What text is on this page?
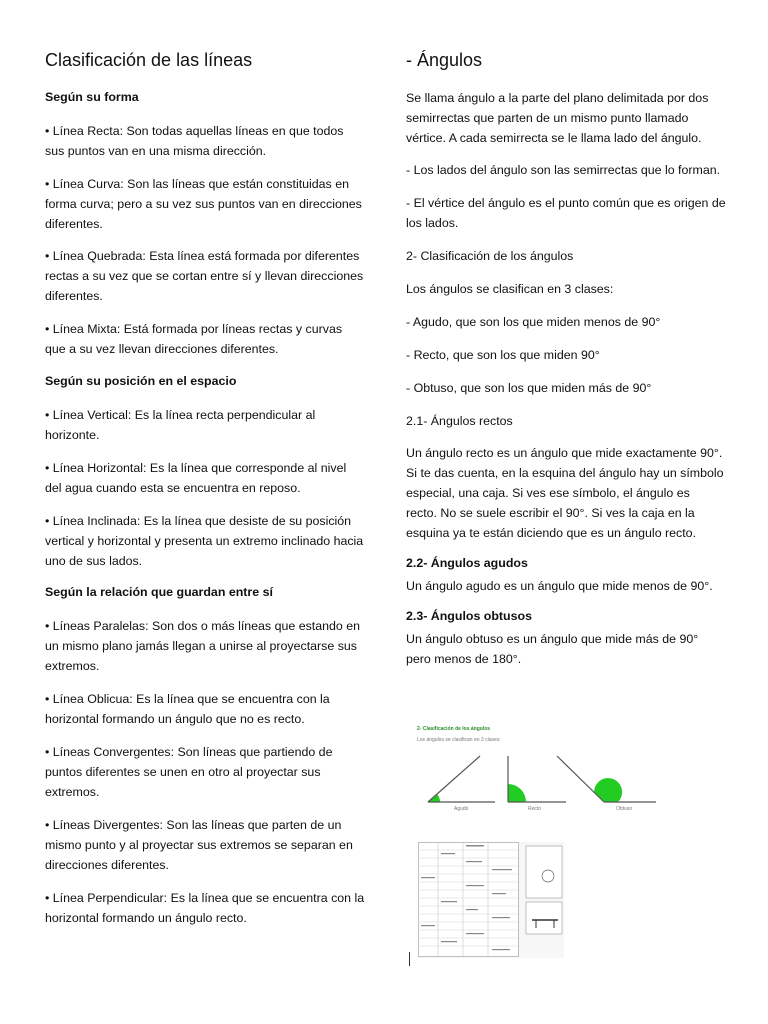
Clasificación de las líneas
Según su forma
• Línea Recta: Son todas aquellas líneas en que todos sus puntos van en una misma dirección.
• Línea Curva: Son las líneas que están constituidas en forma curva; pero a su vez sus puntos van en direcciones diferentes.
• Línea Quebrada: Esta línea está formada por diferentes rectas a su vez que se cortan entre sí y llevan direcciones diferentes.
• Línea Mixta: Está formada por líneas rectas y curvas que a su vez llevan direcciones diferentes.
Según su posición en el espacio
• Línea Vertical: Es la línea recta perpendicular al horizonte.
• Línea Horizontal: Es la línea que corresponde al nivel del agua cuando esta se encuentra en reposo.
• Línea Inclinada: Es la línea que desiste de su posición vertical y horizontal y presenta un extremo inclinado hacia uno de sus lados.
Según la relación que guardan entre sí
• Líneas Paralelas: Son dos o más líneas que estando en un mismo plano jamás llegan a unirse al proyectarse sus extremos.
• Línea Oblicua: Es la línea que se encuentra con la horizontal formando un ángulo que no es recto.
• Líneas Convergentes: Son líneas que partiendo de puntos diferentes se unen en otro al proyectar sus extremos.
• Líneas Divergentes: Son las líneas que parten de un mismo punto y al proyectar sus extremos se separan en direcciones diferentes.
• Línea Perpendicular: Es la línea que se encuentra con la horizontal formando un ángulo recto.
- Ángulos
Se llama ángulo a la parte del plano delimitada por dos semirrectas que parten de un mismo punto llamado vértice. A cada semirrecta se le llama lado del ángulo.
- Los lados del ángulo son las semirrectas que lo forman.
- El vértice del ángulo es el punto común que es origen de los lados.
2- Clasificación de los ángulos
Los ángulos se clasifican en 3 clases:
- Agudo, que son los que miden menos de 90°
- Recto, que son los que miden 90°
- Obtuso, que son los que miden más de 90°
2.1- Ángulos rectos
Un ángulo recto es un ángulo que mide exactamente 90°. Si te das cuenta, en la esquina del ángulo hay un símbolo especial, una caja. Si ves ese símbolo, el ángulo es recto. No se suele escribir el 90°. Si ves la caja en la esquina ya te están diciendo que es un ángulo recto.
2.2- Ángulos agudos
Un ángulo agudo es un ángulo que mide menos de 90°.
2.3- Ángulos obtusos
Un ángulo obtuso es un ángulo que mide más de 90° pero menos de 180°.
2- Clasificación de los ángulos
Los ángulos se clasifican en 3 clases:
Agudo	Recto	Obtuso
